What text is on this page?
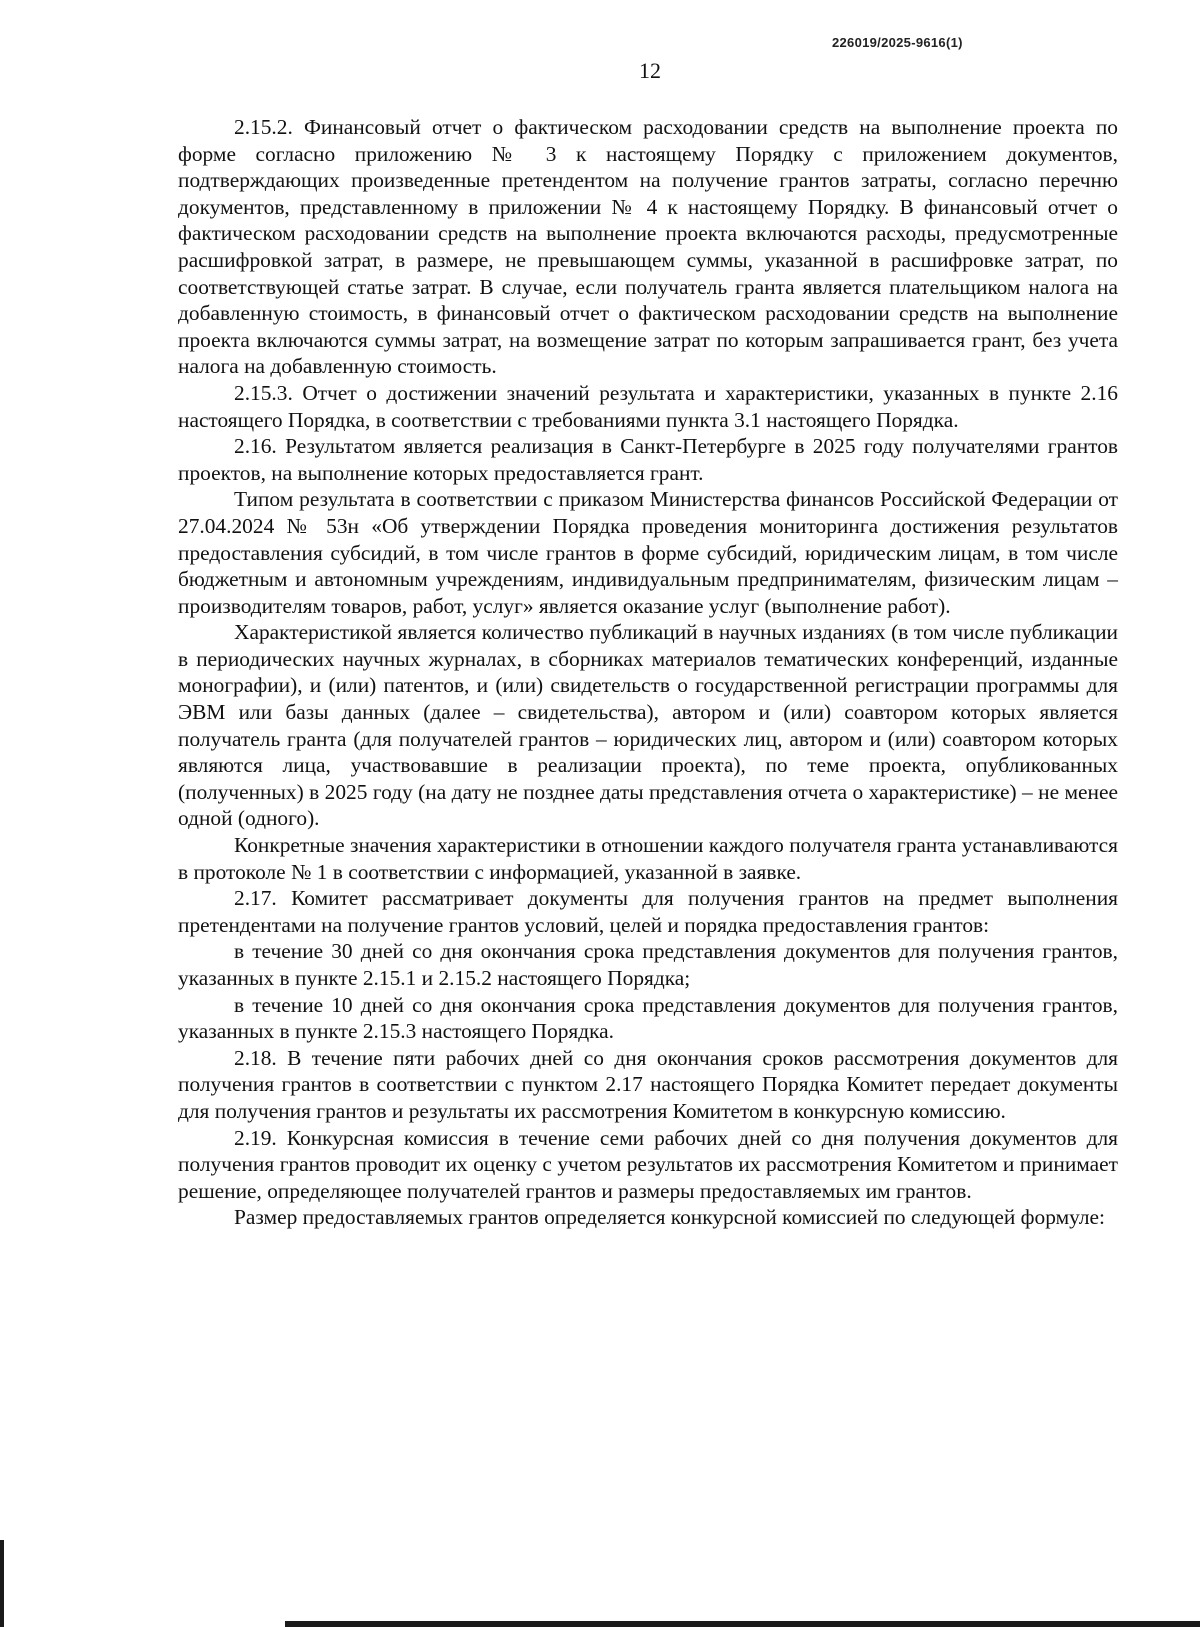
226019/2025-9616(1)
12

2.15.2. Финансовый отчет о фактическом расходовании средств на выполнение проекта по форме согласно приложению № 3 к настоящему Порядку с приложением документов, подтверждающих произведенные претендентом на получение грантов затраты, согласно перечню документов, представленному в приложении № 4 к настоящему Порядку. В финансовый отчет о фактическом расходовании средств на выполнение проекта включаются расходы, предусмотренные расшифровкой затрат, в размере, не превышающем суммы, указанной в расшифровке затрат, по соответствующей статье затрат. В случае, если получатель гранта является плательщиком налога на добавленную стоимость, в финансовый отчет о фактическом расходовании средств на выполнение проекта включаются суммы затрат, на возмещение затрат по которым запрашивается грант, без учета налога на добавленную стоимость.

2.15.3. Отчет о достижении значений результата и характеристики, указанных в пункте 2.16 настоящего Порядка, в соответствии с требованиями пункта 3.1 настоящего Порядка.

2.16. Результатом является реализация в Санкт-Петербурге в 2025 году получателями грантов проектов, на выполнение которых предоставляется грант.

Типом результата в соответствии с приказом Министерства финансов Российской Федерации от 27.04.2024 № 53н «Об утверждении Порядка проведения мониторинга достижения результатов предоставления субсидий, в том числе грантов в форме субсидий, юридическим лицам, в том числе бюджетным и автономным учреждениям, индивидуальным предпринимателям, физическим лицам – производителям товаров, работ, услуг» является оказание услуг (выполнение работ).

Характеристикой является количество публикаций в научных изданиях (в том числе публикации в периодических научных журналах, в сборниках материалов тематических конференций, изданные монографии), и (или) патентов, и (или) свидетельств о государственной регистрации программы для ЭВМ или базы данных (далее – свидетельства), автором и (или) соавтором которых является получатель гранта (для получателей грантов – юридических лиц, автором и (или) соавтором которых являются лица, участвовавшие в реализации проекта), по теме проекта, опубликованных (полученных) в 2025 году (на дату не позднее даты представления отчета о характеристике) – не менее одной (одного).

Конкретные значения характеристики в отношении каждого получателя гранта устанавливаются в протоколе № 1 в соответствии с информацией, указанной в заявке.

2.17. Комитет рассматривает документы для получения грантов на предмет выполнения претендентами на получение грантов условий, целей и порядка предоставления грантов:

в течение 30 дней со дня окончания срока представления документов для получения грантов, указанных в пункте 2.15.1 и 2.15.2 настоящего Порядка;

в течение 10 дней со дня окончания срока представления документов для получения грантов, указанных в пункте 2.15.3 настоящего Порядка.

2.18. В течение пяти рабочих дней со дня окончания сроков рассмотрения документов для получения грантов в соответствии с пунктом 2.17 настоящего Порядка Комитет передает документы для получения грантов и результаты их рассмотрения Комитетом в конкурсную комиссию.

2.19. Конкурсная комиссия в течение семи рабочих дней со дня получения документов для получения грантов проводит их оценку с учетом результатов их рассмотрения Комитетом и принимает решение, определяющее получателей грантов и размеры предоставляемых им грантов.

Размер предоставляемых грантов определяется конкурсной комиссией по следующей формуле:
